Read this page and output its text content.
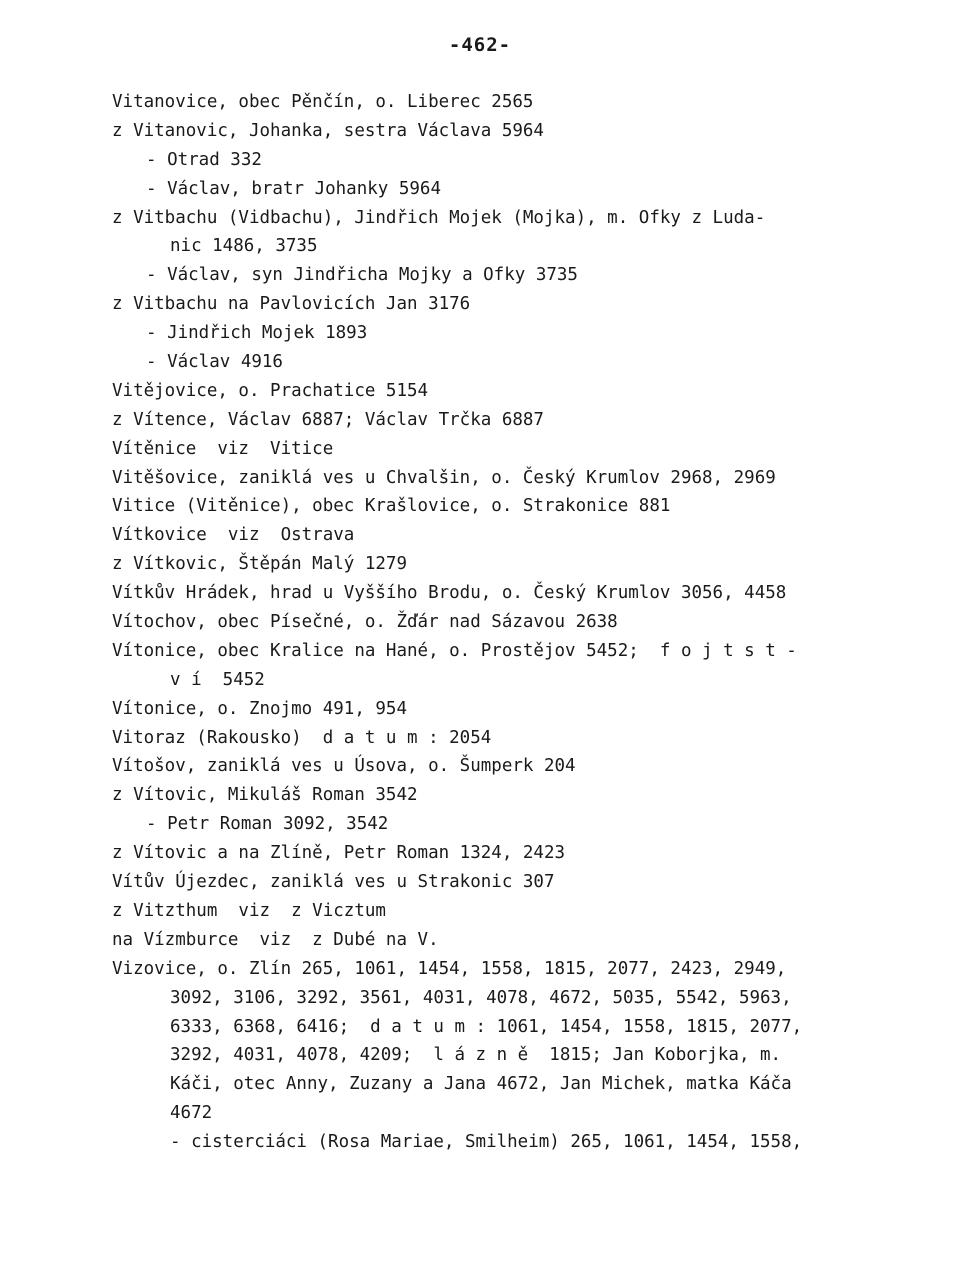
-462-
Vitanovice, obec Pěnčín, o. Liberec 2565
z Vitanovic, Johanka, sestra Václava 5964
- Otrad 332
- Václav, bratr Johanky 5964
z Vitbachu (Vidbachu), Jindřich Mojek (Mojka), m. Ofky z Luda-
nic 1486, 3735
- Václav, syn Jindřicha Mojky a Ofky 3735
z Vitbachu na Pavlovicích Jan 3176
- Jindřich Mojek 1893
- Václav 4916
Vitějovice, o. Prachatice 5154
z Vítence, Václav 6887; Václav Trčka 6887
Vítěnice  viz  Vitice
Vitěšovice, zaniklá ves u Chvalšin, o. Český Krumlov 2968, 2969
Vitice (Vitěnice), obec Krašlovice, o. Strakonice 881
Vítkovice  viz  Ostrava
z Vítkovic, Štěpán Malý 1279
Vítkův Hrádek, hrad u Vyššího Brodu, o. Český Krumlov 3056, 4458
Vítochov, obec Písečné, o. Žďár nad Sázavou 2638
Vítonice, obec Kralice na Hané, o. Prostějov 5452;  f o j t s t -
v í  5452
Vítonice, o. Znojmo 491, 954
Vitoraz (Rakousko)  d a t u m : 2054
Vítošov, zaniklá ves u Úsova, o. Šumperk 204
z Vítovic, Mikuláš Roman 3542
- Petr Roman 3092, 3542
z Vítovic a na Zlíně, Petr Roman 1324, 2423
Vítův Újezdec, zaniklá ves u Strakonic 307
z Vitzthum  viz  z Vicztum
na Vízmburce  viz  z Dubé na V.
Vizovice, o. Zlín 265, 1061, 1454, 1558, 1815, 2077, 2423, 2949,
3092, 3106, 3292, 3561, 4031, 4078, 4672, 5035, 5542, 5963,
6333, 6368, 6416;  d a t u m : 1061, 1454, 1558, 1815, 2077,
3292, 4031, 4078, 4209;  l á z n ě  1815; Jan Koborjka, m.
Káči, otec Anny, Zuzany a Jana 4672, Jan Michek, matka Káča
4672
- cisterciáci (Rosa Mariae, Smilheim) 265, 1061, 1454, 1558,
